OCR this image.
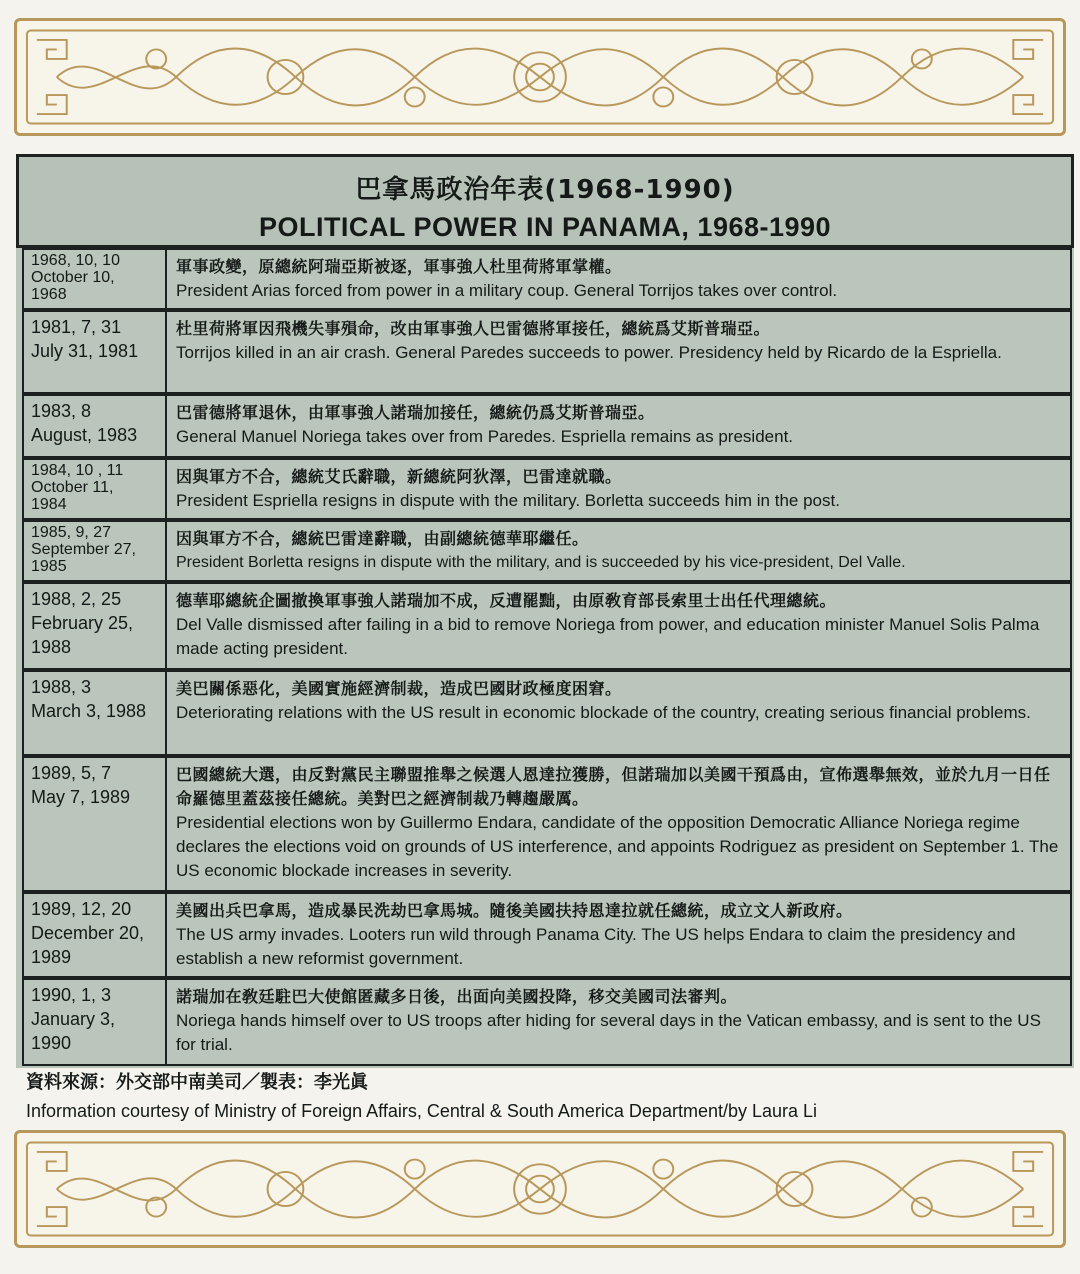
巴拿馬政治年表(1968-1990)
POLITICAL POWER IN PANAMA, 1968-1990
1968, 10, 10
October 10,
1968
軍事政變，原總統阿瑞亞斯被逐，軍事強人杜里荷將軍掌權。
President Arias forced from power in a military coup. General Torrijos takes over control.
1981, 7, 31
July 31, 1981
杜里荷將軍因飛機失事殞命，改由軍事強人巴雷德將軍接任，總統爲艾斯普瑞亞。
Torrijos killed in an air crash. General Paredes succeeds to power. Presidency held by Ricardo de la Espriella.
1983, 8
August, 1983
巴雷德將軍退休，由軍事強人諾瑞加接任，總統仍爲艾斯普瑞亞。
General Manuel Noriega takes over from Paredes. Espriella remains as president.
1984, 10 , 11
October 11,
1984
因與軍方不合，總統艾氏辭職，新總統阿狄澤，巴雷達就職。
President Espriella resigns in dispute with the military. Borletta succeeds him in the post.
1985, 9, 27
September 27,
1985
因與軍方不合，總統巴雷達辭職，由副總統德華耶繼任。
President Borletta resigns in dispute with the military, and is succeeded by his vice-president, Del Valle.
1988, 2, 25
February 25,
1988
德華耶總統企圖撤換軍事強人諾瑞加不成，反遭罷黜，由原敎育部長索里士出任代理總統。
Del Valle dismissed after failing in a bid to remove Noriega from power, and education minister Manuel Solis Palma made acting president.
1988, 3
March 3, 1988
美巴關係惡化，美國實施經濟制裁，造成巴國財政極度困窘。
Deteriorating relations with the US result in economic blockade of the country, creating serious financial problems.
1989, 5, 7
May 7, 1989
巴國總統大選，由反對黨民主聯盟推舉之候選人恩達拉獲勝，但諾瑞加以美國干預爲由，宣佈選舉無效，並於九月一日任命羅德里蓋茲接任總統。美對巴之經濟制裁乃轉趨嚴厲。
Presidential elections won by Guillermo Endara, candidate of the opposition Democratic Alliance Noriega regime declares the elections void on grounds of US interference, and appoints Rodriguez as president on September 1. The US economic blockade increases in severity.
1989, 12, 20
December 20,
1989
美國出兵巴拿馬，造成暴民洗劫巴拿馬城。隨後美國扶持恩達拉就任總統，成立文人新政府。
The US army invades. Looters run wild through Panama City. The US helps Endara to claim the presidency and establish a new reformist government.
1990, 1, 3
January 3,
1990
諾瑞加在敎廷駐巴大使館匿藏多日後，出面向美國投降，移交美國司法審判。
Noriega hands himself over to US troops after hiding for several days in the Vatican embassy, and is sent to the US for trial.
資料來源：外交部中南美司／製表：李光眞
Information courtesy of Ministry of Foreign Affairs, Central & South America Department/by Laura Li
